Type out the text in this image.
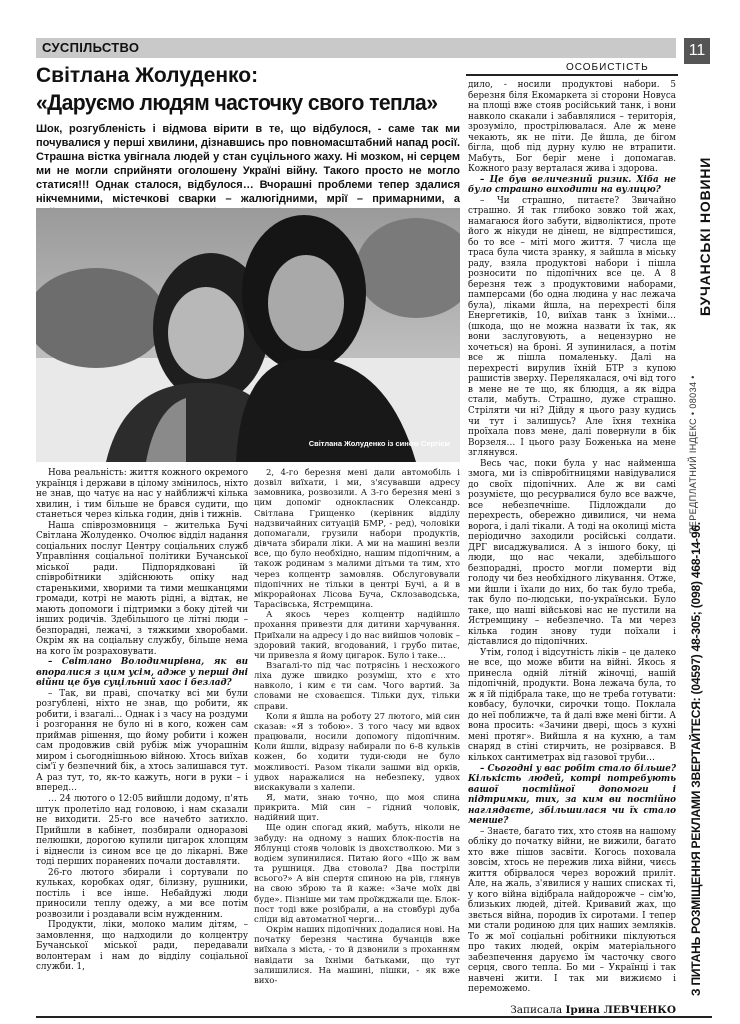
СУСПІЛЬСТВО	11
ОСОБИСТІСТЬ
Світлана Жолуденко:
«Даруємо людям часточку свого тепла»
Шок, розгубленість і відмова вірити в те, що відбулося, - саме так ми почувалися у перші хвилини, дізнавшись про повномасштабний напад росії. Страшна вістка увігнала людей у стан суцільного жаху. Ні мозком, ні серцем ми не могли сприйняти оголошену Україні війну. Такого просто не могло статися!!! Однак сталося, відбулося… Вчорашні проблеми тепер здалися нікчемними, містечкові сварки – жалюгідними, мрії – примарними, а
Світлана Жолуденко із сином Сергієм

Нова реальність: життя кожного окремого українця і держави в цілому змінилось, ніхто не знав, що чатує на нас у найближчі кілька хвилин, і тим більше не брався судити, що станеться через кілька годин, днів і тижнів.

Наша співрозмовниця – жителька Бучі Світлана Жолуденко. Очолює відділ надання соціальних послуг Центру соціальних служб Управління соціальної політики Бучанської міської ради. Підпорядковані їй співробітники здійснюють опіку над старенькими, хворими та тими мешканцями громади, котрі не мають рідні, а відтак, не мають допомоги і підтримки з боку дітей чи інших родичів. Здебільшого це літні люди – безпорадні, лежачі, з тяжкими хворобами. Окрім як на соціальну службу, більше нема на кого їм розраховувати.

– Світлано Володимирівна, як ви впоралися з цим усім, адже у перші дні війни це був суцільний хаос і безлад?

– Так, ви праві, спочатку всі ми були розгублені, ніхто не знав, що робити, як робити, і взагалі… Однак і з часу на роздуми і розгорання не було ні в кого, кожен сам приймав рішення, що йому робити і кожен сам продовжив свій рубіж між учорашнім миром і сьогоднішньою війною. Хтось виїхав сім'ї у безпечний бік, а хтось залишався тут. А раз тут, то, як-то кажуть, ноги в руки – і вперед…

… 24 лютого о 12:05 вийшли додому, п'ять штук пролетіло над головою, і нам сказали не виходити. 25-го все начебто затихло. Прийшли в кабінет, позбирали одноразові пелюшки, дорогою купили цигарок хлопцям і віднесли із сином все це до лікарні. Вже тоді перших поранених почали доставляти.

26-го лютого збирали і сортували по кульках, коробках одяг, білизну, рушники, постіль і все інше. Небайдужі люди приносили теплу одежу, а ми все потім розвозили і роздавали всім нужденним.

Продукти, ліки, молоко малим дітям, – замовлення, що надходили до колцентру Бучанської міської ради, передавали волонтерам і нам до відділу соціальної служби. 1,

2, 4-го березня мені дали автомобіль і дозвіл виїхати, і ми, з'ясувавши адресу замовника, розвозили. А 3-го березня мені з цим допоміг однокласник Олександр. Світлана Грищенко (керівник відділу надзвичайних ситуацій БМР, - ред), чоловіки допомагали, грузили набори продуктів, дівчата збирали ліки. А ми на машині везли все, що було необхідно, нашим підопічним, а також родинам з малими дітьми та тим, хто через колцентр замовляв. Обслуговували підопічних не тільки в центрі Бучі, а й в мікрорайонах Лісова Буча, Склозаводська, Тарасівська, Ястремщина.

А якось через колцентр надійшло прохання привезти для дитини харчування. Приїхали на адресу і до нас вийшов чоловік – здоровий такий, вгодований, і грубо питає, чи привезла я йому цигарок. Було і таке…

Взагалі-то під час потрясінь і несхожого ліха дуже швидко розуміш, хто є хто навколо, і ким є ти сам. Чого вартий. За словами не сховаєшся. Тільки дух, тільки справи.

Коли я йшла на роботу 27 лютого, мій син сказав: «Я з тобою». З того часу ми вдвох працювали, носили допомогу підопічним. Коли йшли, відразу набирали по 6-8 кульків кожен, бо ходити туди-сюди не було можливості. Разом тікали зашми від орків, удвох наражалися на небезпеку, удвох вискакували з халепи.

Я, мати, знаю точно, що моя спина прикрита. Мій син – гідний чоловік, надійний щит.

Ще один спогад який, мабуть, ніколи не забуду: на одному з наших блок-постів на Яблунці стояв чоловік із двохстволкою. Ми з водієм зупинилися. Питаю його «Що ж вам та рушниця. Два стовола? Два постріли всього?» А він спертя спиною на рів, глянув на свою зброю та й каже: «Заче моїх дві буде». Пізніше ми там проїжджали ще. Блок-пост тоді вже розібрали, а на стовбурі дуба сліди від автоматної черги…

Окрім наших підопічних додалися нові. На початку березня частина бучанців вже виїхала з міста, - то й дзвонили з проханням навідати за їхніми батьками, що тут залишилися. На машині, пішки, - як вже вихо-

дило, - носили продуктові набори. 5 березня біля Екомаркета зі сторони Новуса на площі вже стояв російський танк, і вони навколо скакали і забавлялися – територія, зрозуміло, прострілювалася. Але ж мене чекають, як не піти. Де йшла, де бігом бігла, щоб під дурну кулю не втрапити. Мабуть, Бог беріг мене і допомагав. Кожного разу верталася жива і здорова.

– Це був величезний ризик. Хіба не було страшно виходити на вулицю?

– Чи страшно, питаєте? Звичайно страшно. Я так глибоко зовжо той жах, намагаюся його забути, відволіктися, проте його ж нікуди не дінеш, не відпрестишся, бо то все – міті мого життя. 7 числа ще траса була чиста зранку, я зайшла в міську раду, взяла продуктові набори і пішла розносити по підопічних все це. А 8 березня теж з продуктовими наборами, памперсами (бо одна людина у нас лежача була), ліками йшла, на перехресті біля Енергетиків, 10, виїхав танк з їхніми… (шкода, що не можна назвати їх так, як вони заслуговують, а нецензурно не хочеться) на броні. Я зупинилася, а потім все ж пішла помаленьку. Далі на перехресті вирулив їхній БТР з купою рашистів зверху. Перелякалася, очі від того в мене не те що, як блюдця, а як відра стали, мабуть. Страшно, дуже страшно. Стріляти чи ні? Дійду я цього разу кудись чи тут і залишусь? Але їхня техніка проїхала повз мене, далі повернули в бік Ворзеля… І цього разу Боженька на мене зглянувся.

Весь час, поки була у нас найменша змога, ми із співробітницями навідувалися до своїх підопічних. Але ж ви самі розумієте, що ресурвалися було все важче, все небезпечніше. Підлождали до перехресть, обережно дивилися, чи нема ворога, і далі тікали. А тоді на околиці міста періодично заходили російські солдати. ДРГ висаджувалися. А з іншого боку, ці люди, що нас чекали, здебільшого безпорадні, просто могли померти від голоду чи без необхідного лікування. Отже, ми йшли і їхали до них, бо так було треба, так було по-людськи, по-українськи. Було таке, що наші військові нас не пустили на Ястремщину – небезпечно. Та ми через кілька годин знову туди поїхали і діставлися до підопічних.

Утім, голод і відсутність ліків – це далеко не все, що може вбити на війні. Якось я принесла одній літній жіночці, нашій підопічній, продукти. Вона лежача була, то ж я їй підібрала таке, що не треба готувати: ковбасу, булочки, сирочки тощо. Поклала до неї поближче, та й далі вже мені бігти. А вона просить: «Зачини двері, щось з кухні мені протяг». Вийшла я на кухню, а там снаряд в стіні стирчить, не розірвався. В кількох сантиметрах від газової труби…

– Сьогодні у вас робіт стало більше? Кількість людей, котрі потребують вашої постійної допомоги і підтримки, тих, за ким ви постійно наглядаєте, збільшилася чи їх стало менше?

– Знаєте, багато тих, хто стояв на нашому обліку до початку війни, не вижили, багато хто вже пішов засвіти. Когось поховала зовсім, хтось не пережив лиха війни, чиєсь життя обірвалося через ворожий приліт. Але, на жаль, з'явилися у наших списках ті, у кого війна відібрала найдорожче – сім'ю, близьких людей, дітей. Кривавий жах, що звється війна, породив їх сиротами. І тепер ми стали родиною для цих наших земляків. То ж мої соціальні робітники піклуються про таких людей, окрім матеріального забезпечення даруємо їм часточку свого серця, свого тепла. Бо ми – Українці і так навчені жити. І так ми вижиємо і переможемо.

Записала Ірина ЛЕВЧЕНКО
ПЕРЕДПЛАТНИЙ ІНДЕКС • 08034 •
БУЧАНСЬКІ НОВИНИ
З ПИТАНЬ РОЗМІЩЕННЯ РЕКЛАМИ ЗВЕРТАЙТЕСЯ: (04597) 48-305; (098) 468-14-96.
